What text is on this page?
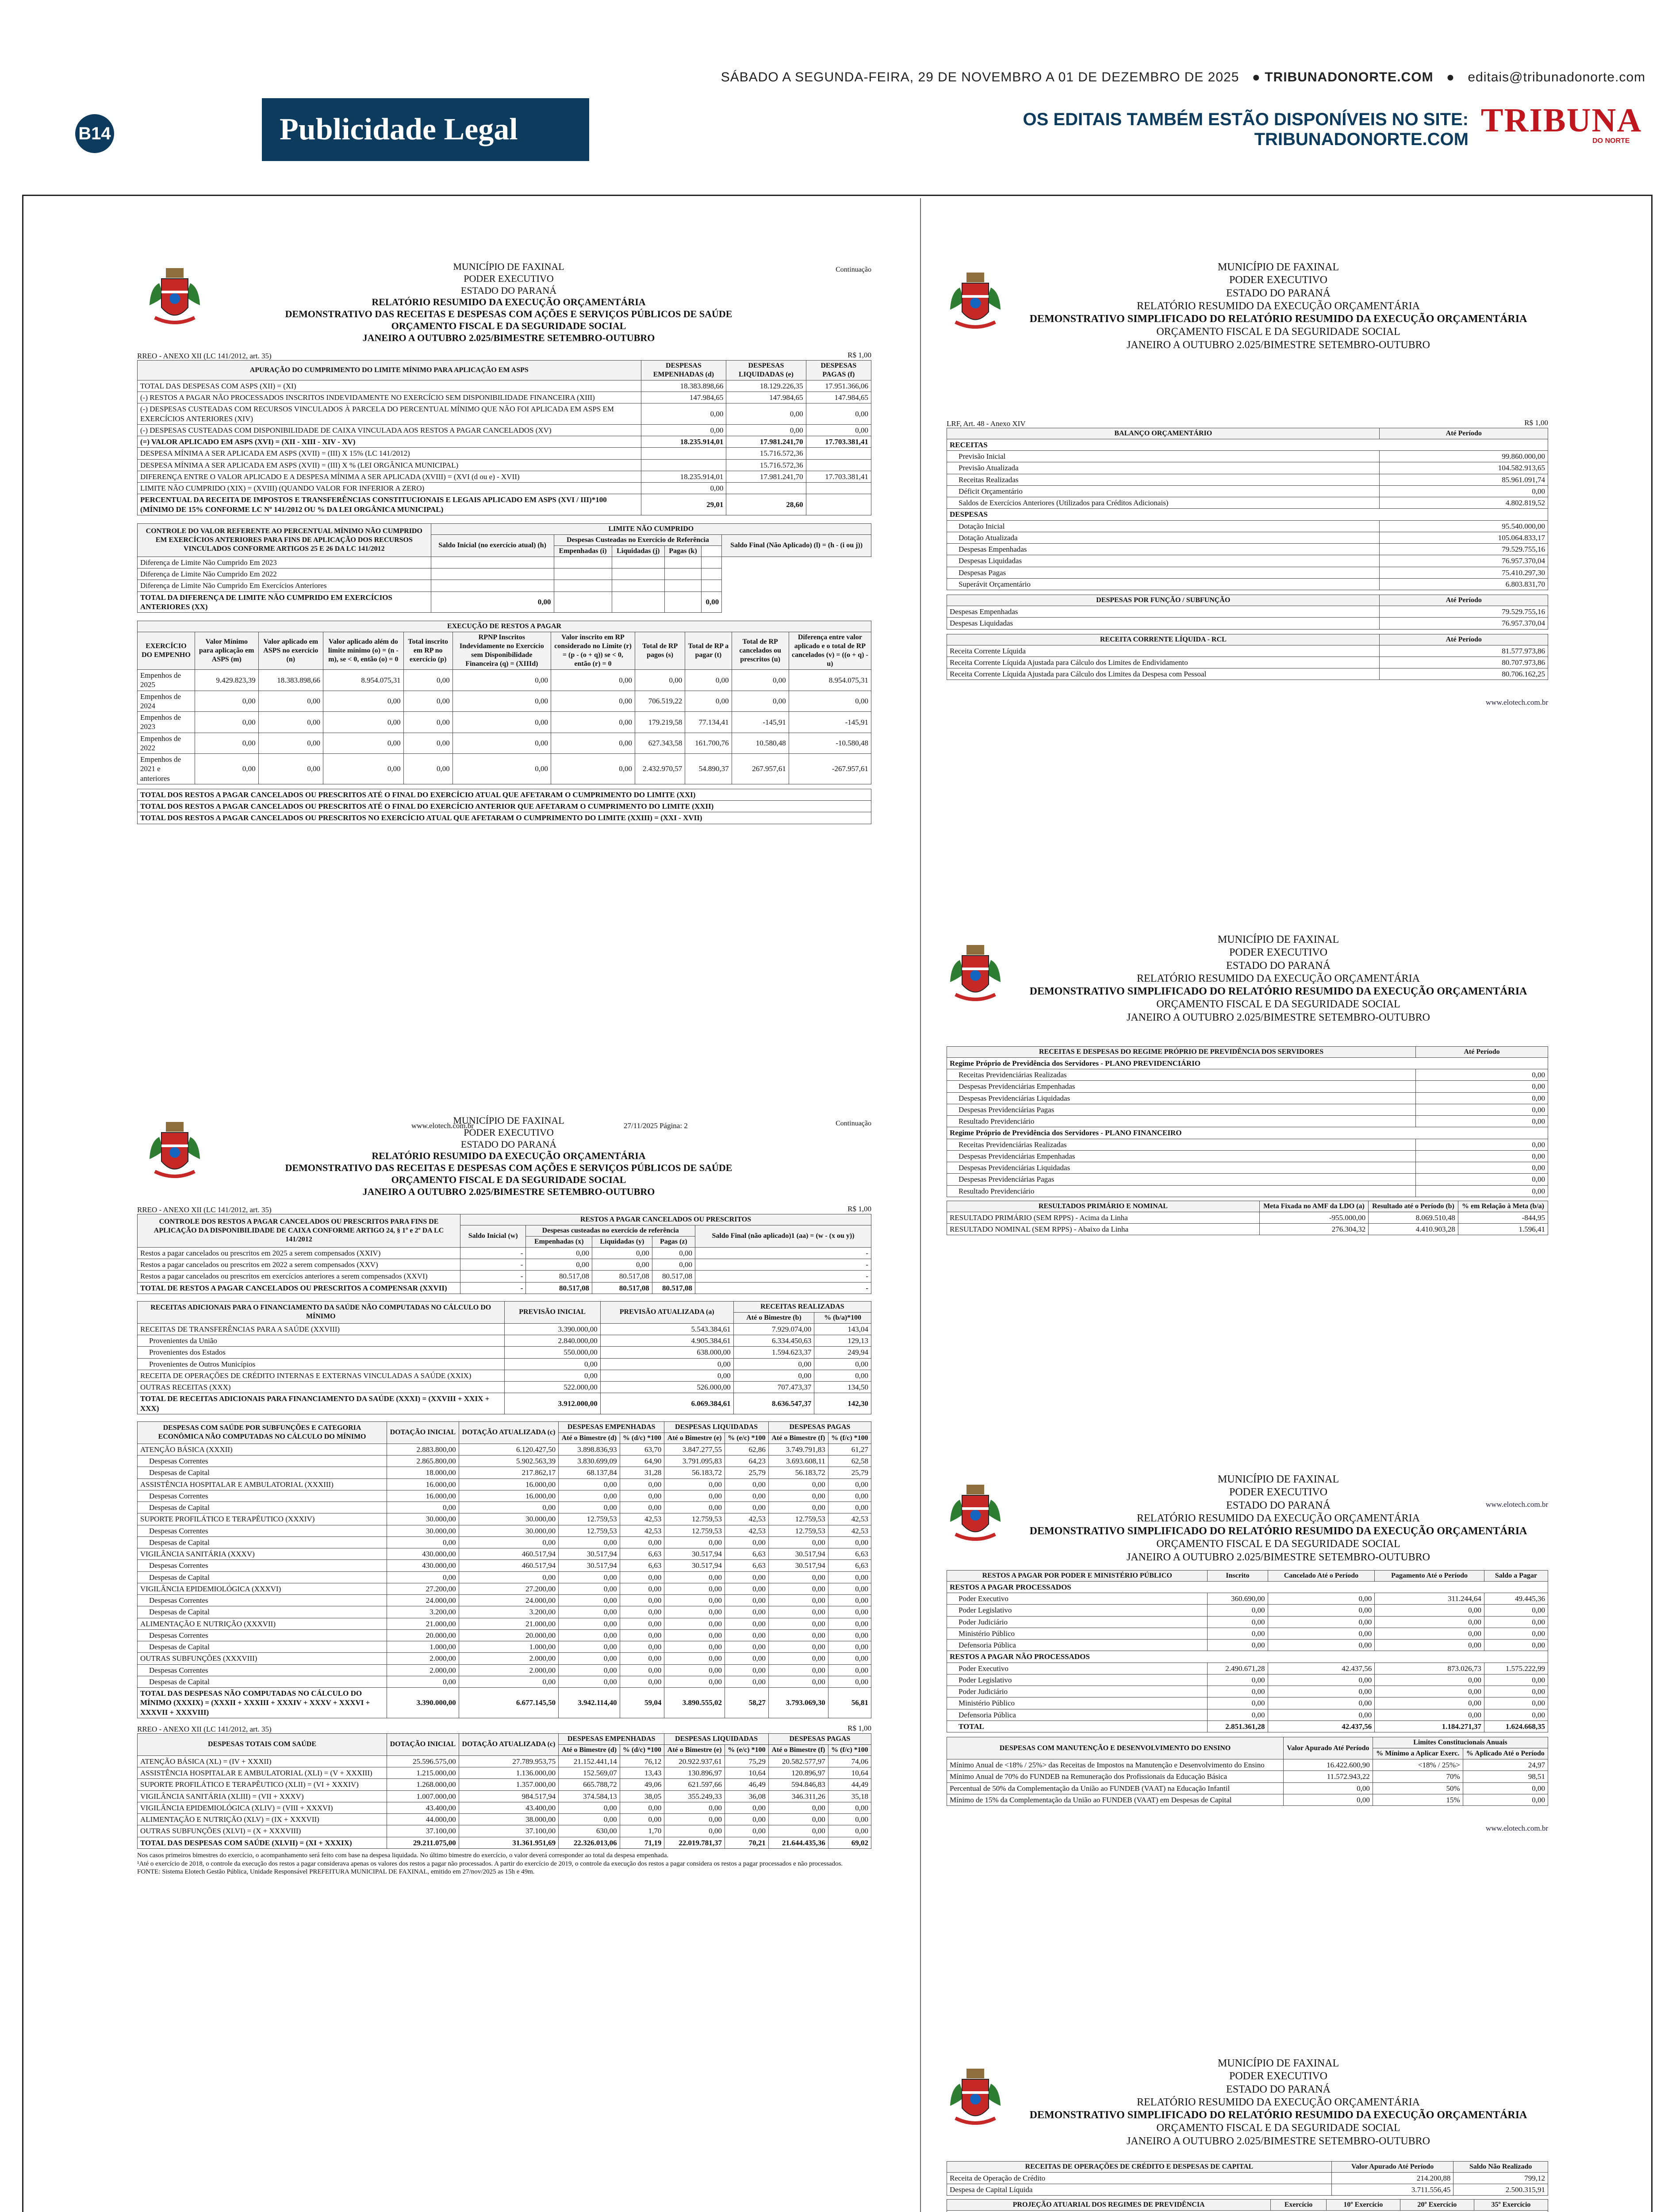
SÁBADO A SEGUNDA-FEIRA, 29 DE NOVEMBRO A 01 DE DEZEMBRO DE 2025 ● TRIBUNADONORTE.COM ● editais@tribunadonorte.com
B14	Publicidade Legal	OS EDITAIS TAMBÉM ESTÃO DISPONÍVEIS NO SITE: TRIBUNADONORTE.COM
TRIBUNA
DO NORTE
Continuação
MUNICÍPIO DE FAXINAL
PODER EXECUTIVO
ESTADO DO PARANÁ
RELATÓRIO RESUMIDO DA EXECUÇÃO ORÇAMENTÁRIA
DEMONSTRATIVO DAS RECEITAS E DESPESAS COM AÇÕES E SERVIÇOS PÚBLICOS DE SAÚDE
ORÇAMENTO FISCAL E DA SEGURIDADE SOCIAL
JANEIRO A OUTUBRO 2.025/BIMESTRE SETEMBRO-OUTUBRO
RREO - ANEXO XII (LC 141/2012, art. 35)	R$ 1,00
APURAÇÃO DO CUMPRIMENTO DO LIMITE MÍNIMO PARA APLICAÇÃO EM ASPS	DESPESAS EMPENHADAS (d)	DESPESAS LIQUIDADAS (e)	DESPESAS PAGAS (f)
TOTAL DAS DESPESAS COM ASPS (XII) = (XI)	18.383.898,66	18.129.226,35	17.951.366,06
(-) RESTOS A PAGAR NÃO PROCESSADOS INSCRITOS INDEVIDAMENTE NO EXERCÍCIO SEM DISPONIBILIDADE FINANCEIRA (XIII)	147.984,65	147.984,65	147.984,65
(-) DESPESAS CUSTEADAS COM RECURSOS VINCULADOS À PARCELA DO PERCENTUAL MÍNIMO QUE NÃO FOI APLICADA EM ASPS EM EXERCÍCIOS ANTERIORES (XIV)	0,00	0,00	0,00
(-) DESPESAS CUSTEADAS COM DISPONIBILIDADE DE CAIXA VINCULADA AOS RESTOS A PAGAR CANCELADOS (XV)	0,00	0,00	0,00
(=) VALOR APLICADO EM ASPS (XVI) = (XII - XIII - XIV - XV)	18.235.914,01	17.981.241,70	17.703.381,41
DESPESA MÍNIMA A SER APLICADA EM ASPS (XVII) = (III) X 15% (LC 141/2012)		15.716.572,36	
DESPESA MÍNIMA A SER APLICADA EM ASPS (XVII) = (III) X % (LEI ORGÂNICA MUNICIPAL)		15.716.572,36	
DIFERENÇA ENTRE O VALOR APLICADO E A DESPESA MÍNIMA A SER APLICADA (XVIII) = (XVI (d ou e) - XVII)	18.235.914,01	17.981.241,70	17.703.381,41
LIMITE NÃO CUMPRIDO (XIX) = (XVIII) (QUANDO VALOR FOR INFERIOR A ZERO)	0,00		
PERCENTUAL DA RECEITA DE IMPOSTOS E TRANSFERÊNCIAS CONSTITUCIONAIS E LEGAIS APLICADO EM ASPS (XVI / III)*100 (MÍNIMO DE 15% CONFORME LC Nº 141/2012 OU % DA LEI ORGÂNICA MUNICIPAL)	29,01	28,60	
CONTROLE DO VALOR REFERENTE AO PERCENTUAL MÍNIMO NÃO CUMPRIDO EM EXERCÍCIOS ANTERIORES PARA FINS DE APLICAÇÃO DOS RECURSOS VINCULADOS CONFORME ARTIGOS 25 E 26 DA LC 141/2012	LIMITE NÃO CUMPRIDO					
	Saldo Inicial (no exercício atual) (h)	Despesas Custeadas no Exercício de Referência				Saldo Final (Não Aplicado) (l) = (h - (i ou j))
		Empenhadas (i)	Liquidadas (j)	Pagas (k)		
Diferença de Limite Não Cumprido Em 2023						
Diferença de Limite Não Cumprido Em 2022						
Diferença de Limite Não Cumprido Em Exercícios Anteriores						
TOTAL DA DIFERENÇA DE LIMITE NÃO CUMPRIDO EM EXERCÍCIOS ANTERIORES (XX)	0,00				0,00	
EXECUÇÃO DE RESTOS A PAGAR										
EXERCÍCIO DO EMPENHO	Valor Mínimo para aplicação em ASPS (m)	Valor aplicado em ASPS no exercício (n)	Valor aplicado além do limite mínimo (o) = (n - m), se < 0, então (o) = 0	Total inscrito em RP no exercício (p)	RPNP Inscritos Indevidamente no Exercício sem Disponibilidade Financeira (q) = (XIIId)	Valor inscrito em RP considerado no Limite (r) = (p - (o + q)) se < 0, então (r) = 0	Total de RP pagos (s)	Total de RP a pagar (t)	Total de RP cancelados ou prescritos (u)	Diferença entre valor aplicado e o total de RP cancelados (v) = ((o + q) - u)
Empenhos de 2025	9.429.823,39	18.383.898,66	8.954.075,31	0,00	0,00	0,00	0,00	0,00	0,00	8.954.075,31
Empenhos de 2024	0,00	0,00	0,00	0,00	0,00	0,00	706.519,22	0,00	0,00	0,00
Empenhos de 2023	0,00	0,00	0,00	0,00	0,00	0,00	179.219,58	77.134,41	-145,91	-145,91
Empenhos de 2022	0,00	0,00	0,00	0,00	0,00	0,00	627.343,58	161.700,76	10.580,48	-10.580,48
Empenhos de 2021 e anteriores	0,00	0,00	0,00	0,00	0,00	0,00	2.432.970,57	54.890,37	267.957,61	-267.957,61
TOTAL DOS RESTOS A PAGAR CANCELADOS OU PRESCRITOS ATÉ O FINAL DO EXERCÍCIO ATUAL QUE AFETARAM O CUMPRIMENTO DO LIMITE (XXI)
TOTAL DOS RESTOS A PAGAR CANCELADOS OU PRESCRITOS ATÉ O FINAL DO EXERCÍCIO ANTERIOR QUE AFETARAM O CUMPRIMENTO DO LIMITE (XXII)
TOTAL DOS RESTOS A PAGAR CANCELADOS OU PRESCRITOS NO EXERCÍCIO ATUAL QUE AFETARAM O CUMPRIMENTO DO LIMITE (XXIII) = (XXI - XVII)
Continuação
www.elotech.com.br	27/11/2025 Página: 2
MUNICÍPIO DE FAXINAL
PODER EXECUTIVO
ESTADO DO PARANÁ
RELATÓRIO RESUMIDO DA EXECUÇÃO ORÇAMENTÁRIA
DEMONSTRATIVO DAS RECEITAS E DESPESAS COM AÇÕES E SERVIÇOS PÚBLICOS DE SAÚDE
ORÇAMENTO FISCAL E DA SEGURIDADE SOCIAL
JANEIRO A OUTUBRO 2.025/BIMESTRE SETEMBRO-OUTUBRO
RREO - ANEXO XII (LC 141/2012, art. 35)	R$ 1,00
CONTROLE DOS RESTOS A PAGAR CANCELADOS OU PRESCRITOS PARA FINS DE APLICAÇÃO DA DISPONIBILIDADE DE CAIXA CONFORME ARTIGO 24, § 1º e 2º DA LC 141/2012	RESTOS A PAGAR CANCELADOS OU PRESCRITOS				
	Saldo Inicial (w)	Despesas custeadas no exercício de referência			Saldo Final (não aplicado)1 (aa) = (w - (x ou y))
		Empenhadas (x)	Liquidadas (y)	Pagas (z)	
Restos a pagar cancelados ou prescritos em 2025 a serem compensados (XXIV)	-	0,00	0,00	0,00	-
Restos a pagar cancelados ou prescritos em 2022 a serem compensados (XXV)	-	0,00	0,00	0,00	-
Restos a pagar cancelados ou prescritos em exercícios anteriores a serem compensados (XXVI)	-	80.517,08	80.517,08	80.517,08	-
TOTAL DE RESTOS A PAGAR CANCELADOS OU PRESCRITOS A COMPENSAR (XXVII)	-	80.517,08	80.517,08	80.517,08	-
RECEITAS ADICIONAIS PARA O FINANCIAMENTO DA SAÚDE NÃO COMPUTADAS NO CÁLCULO DO MÍNIMO	PREVISÃO INICIAL	PREVISÃO ATUALIZADA (a)	RECEITAS REALIZADAS	
			Até o Bimestre (b)	% (b/a)*100
RECEITAS DE TRANSFERÊNCIAS PARA A SAÚDE (XXVIII)	3.390.000,00	5.543.384,61	7.929.074,00	143,04
Provenientes da União	2.840.000,00	4.905.384,61	6.334.450,63	129,13
Provenientes dos Estados	550.000,00	638.000,00	1.594.623,37	249,94
Provenientes de Outros Municípios	0,00	0,00	0,00	0,00
RECEITA DE OPERAÇÕES DE CRÉDITO INTERNAS E EXTERNAS VINCULADAS A SAÚDE (XXIX)	0,00	0,00	0,00	0,00
OUTRAS RECEITAS (XXX)	522.000,00	526.000,00	707.473,37	134,50
TOTAL DE RECEITAS ADICIONAIS PARA FINANCIAMENTO DA SAÚDE (XXXI) = (XXVIII + XXIX + XXX)	3.912.000,00	6.069.384,61	8.636.547,37	142,30
DESPESAS COM SAÚDE POR SUBFUNÇÕES E CATEGORIA ECONÔMICA NÃO COMPUTADAS NO CÁLCULO DO MÍNIMO	DOTAÇÃO INICIAL	DOTAÇÃO ATUALIZADA (c)	DESPESAS EMPENHADAS		DESPESAS LIQUIDADAS		DESPESAS PAGAS	
			Até o Bimestre (d)	% (d/c) *100	Até o Bimestre (e)	% (e/c) *100	Até o Bimestre (f)	% (f/c) *100
ATENÇÃO BÁSICA (XXXII)	2.883.800,00	6.120.427,50	3.898.836,93	63,70	3.847.277,55	62,86	3.749.791,83	61,27
Despesas Correntes	2.865.800,00	5.902.563,39	3.830.699,09	64,90	3.791.095,83	64,23	3.693.608,11	62,58
Despesas de Capital	18.000,00	217.862,17	68.137,84	31,28	56.183,72	25,79	56.183,72	25,79
ASSISTÊNCIA HOSPITALAR E AMBULATORIAL (XXXIII)	16.000,00	16.000,00	0,00	0,00	0,00	0,00	0,00	0,00
Despesas Correntes	16.000,00	16.000,00	0,00	0,00	0,00	0,00	0,00	0,00
Despesas de Capital	0,00	0,00	0,00	0,00	0,00	0,00	0,00	0,00
SUPORTE PROFILÁTICO E TERAPÊUTICO (XXXIV)	30.000,00	30.000,00	12.759,53	42,53	12.759,53	42,53	12.759,53	42,53
Despesas Correntes	30.000,00	30.000,00	12.759,53	42,53	12.759,53	42,53	12.759,53	42,53
Despesas de Capital	0,00	0,00	0,00	0,00	0,00	0,00	0,00	0,00
VIGILÂNCIA SANITÁRIA (XXXV)	430.000,00	460.517,94	30.517,94	6,63	30.517,94	6,63	30.517,94	6,63
Despesas Correntes	430.000,00	460.517,94	30.517,94	6,63	30.517,94	6,63	30.517,94	6,63
Despesas de Capital	0,00	0,00	0,00	0,00	0,00	0,00	0,00	0,00
VIGILÂNCIA EPIDEMIOLÓGICA (XXXVI)	27.200,00	27.200,00	0,00	0,00	0,00	0,00	0,00	0,00
Despesas Correntes	24.000,00	24.000,00	0,00	0,00	0,00	0,00	0,00	0,00
Despesas de Capital	3.200,00	3.200,00	0,00	0,00	0,00	0,00	0,00	0,00
ALIMENTAÇÃO E NUTRIÇÃO (XXXVII)	21.000,00	21.000,00	0,00	0,00	0,00	0,00	0,00	0,00
Despesas Correntes	20.000,00	20.000,00	0,00	0,00	0,00	0,00	0,00	0,00
Despesas de Capital	1.000,00	1.000,00	0,00	0,00	0,00	0,00	0,00	0,00
OUTRAS SUBFUNÇÕES (XXXVIII)	2.000,00	2.000,00	0,00	0,00	0,00	0,00	0,00	0,00
Despesas Correntes	2.000,00	2.000,00	0,00	0,00	0,00	0,00	0,00	0,00
Despesas de Capital	0,00	0,00	0,00	0,00	0,00	0,00	0,00	0,00
TOTAL DAS DESPESAS NÃO COMPUTADAS NO CÁLCULO DO MÍNIMO (XXXIX) = (XXXII + XXXIII + XXXIV + XXXV + XXXVI + XXXVII + XXXVIII)	3.390.000,00	6.677.145,50	3.942.114,40	59,04	3.890.555,02	58,27	3.793.069,30	56,81
RREO - ANEXO XII (LC 141/2012, art. 35)	R$ 1,00
DESPESAS TOTAIS COM SAÚDE	DOTAÇÃO INICIAL	DOTAÇÃO ATUALIZADA (c)	DESPESAS EMPENHADAS		DESPESAS LIQUIDADAS		DESPESAS PAGAS	
			Até o Bimestre (d)	% (d/c) *100	Até o Bimestre (e)	% (e/c) *100	Até o Bimestre (f)	% (f/c) *100
ATENÇÃO BÁSICA (XL) = (IV + XXXII)	25.596.575,00	27.789.953,75	21.152.441,14	76,12	20.922.937,61	75,29	20.582.577,97	74,06
ASSISTÊNCIA HOSPITALAR E AMBULATORIAL (XLI) = (V + XXXIII)	1.215.000,00	1.136.000,00	152.569,07	13,43	130.896,97	10,64	120.896,97	10,64
SUPORTE PROFILÁTICO E TERAPÊUTICO (XLII) = (VI + XXXIV)	1.268.000,00	1.357.000,00	665.788,72	49,06	621.597,66	46,49	594.846,83	44,49
VIGILÂNCIA SANITÁRIA (XLIII) = (VII + XXXV)	1.007.000,00	984.517,94	374.584,13	38,05	355.249,33	36,08	346.311,26	35,18
VIGILÂNCIA EPIDEMIOLÓGICA (XLIV) = (VIII + XXXVI)	43.400,00	43.400,00	0,00	0,00	0,00	0,00	0,00	0,00
ALIMENTAÇÃO E NUTRIÇÃO (XLV) = (IX + XXXVII)	44.000,00	38.000,00	0,00	0,00	0,00	0,00	0,00	0,00
OUTRAS SUBFUNÇÕES (XLVI) = (X + XXXVIII)	37.100,00	37.100,00	630,00	1,70	0,00	0,00	0,00	0,00
TOTAL DAS DESPESAS COM SAÚDE (XLVII) = (XI + XXXIX)	29.211.075,00	31.361.951,69	22.326.013,06	71,19	22.019.781,37	70,21	21.644.435,36	69,02
Nos casos primeiros bimestres do exercício, o acompanhamento será feito com base na despesa liquidada. No último bimestre do exercício, o valor deverá corresponder ao total da despesa empenhada.
¹Até o exercício de 2018, o controle da execução dos restos a pagar considerava apenas os valores dos restos a pagar não processados. A partir do exercício de 2019, o controle da execução dos restos a pagar considera os restos a pagar processados e não processados.
FONTE: Sistema Elotech Gestão Pública, Unidade Responsável PREFEITURA MUNICIPAL DE FAXINAL, emitido em 27/nov/2025 as 15h e 49m.

MUNICÍPIO DE FAXINAL
PODER EXECUTIVO
ESTADO DO PARANÁ
RELATÓRIO RESUMIDO DA EXECUÇÃO ORÇAMENTÁRIA
DEMONSTRATIVO SIMPLIFICADO DO RELATÓRIO RESUMIDO DA EXECUÇÃO ORÇAMENTÁRIA
ORÇAMENTO FISCAL E DA SEGURIDADE SOCIAL
JANEIRO A OUTUBRO 2.025/BIMESTRE SETEMBRO-OUTUBRO
LRF, Art. 48 - Anexo XIV	R$ 1,00
BALANÇO ORÇAMENTÁRIO	Até Período
RECEITAS	
Previsão Inicial	99.860.000,00
Previsão Atualizada	104.582.913,65
Receitas Realizadas	85.961.091,74
Déficit Orçamentário	0,00
Saldos de Exercícios Anteriores (Utilizados para Créditos Adicionais)	4.802.819,52
DESPESAS	
Dotação Inicial	95.540.000,00
Dotação Atualizada	105.064.833,17
Despesas Empenhadas	79.529.755,16
Despesas Liquidadas	76.957.370,04
Despesas Pagas	75.410.297,30
Superávit Orçamentário	6.803.831,70
DESPESAS POR FUNÇÃO / SUBFUNÇÃO	Até Período
Despesas Empenhadas	79.529.755,16
Despesas Liquidadas	76.957.370,04
RECEITA CORRENTE LÍQUIDA - RCL	Até Período
Receita Corrente Líquida	81.577.973,86
Receita Corrente Líquida Ajustada para Cálculo dos Limites de Endividamento	80.707.973,86
Receita Corrente Líquida Ajustada para Cálculo dos Limites da Despesa com Pessoal	80.706.162,25
www.elotech.com.br
MUNICÍPIO DE FAXINAL
PODER EXECUTIVO
ESTADO DO PARANÁ
RELATÓRIO RESUMIDO DA EXECUÇÃO ORÇAMENTÁRIA
DEMONSTRATIVO SIMPLIFICADO DO RELATÓRIO RESUMIDO DA EXECUÇÃO ORÇAMENTÁRIA
ORÇAMENTO FISCAL E DA SEGURIDADE SOCIAL
JANEIRO A OUTUBRO 2.025/BIMESTRE SETEMBRO-OUTUBRO
RECEITAS E DESPESAS DO REGIME PRÓPRIO DE PREVIDÊNCIA DOS SERVIDORES	Até Período
Regime Próprio de Previdência dos Servidores - PLANO PREVIDENCIÁRIO	
Receitas Previdenciárias Realizadas	0,00
Despesas Previdenciárias Empenhadas	0,00
Despesas Previdenciárias Liquidadas	0,00
Despesas Previdenciárias Pagas	0,00
Resultado Previdenciário	0,00
Regime Próprio de Previdência dos Servidores - PLANO FINANCEIRO	
Receitas Previdenciárias Realizadas	0,00
Despesas Previdenciárias Empenhadas	0,00
Despesas Previdenciárias Liquidadas	0,00
Despesas Previdenciárias Pagas	0,00
Resultado Previdenciário	0,00
RESULTADOS PRIMÁRIO E NOMINAL	Meta Fixada no AMF da LDO (a)	Resultado até o Período (b)	% em Relação à Meta (b/a)
RESULTADO PRIMÁRIO (SEM RPPS) - Acima da Linha	-955.000,00	8.069.510,48	-844,95
RESULTADO NOMINAL (SEM RPPS) - Abaixo da Linha	276.304,32	4.410.903,28	1.596,41
www.elotech.com.br
MUNICÍPIO DE FAXINAL
PODER EXECUTIVO
ESTADO DO PARANÁ
RELATÓRIO RESUMIDO DA EXECUÇÃO ORÇAMENTÁRIA
DEMONSTRATIVO SIMPLIFICADO DO RELATÓRIO RESUMIDO DA EXECUÇÃO ORÇAMENTÁRIA
ORÇAMENTO FISCAL E DA SEGURIDADE SOCIAL
JANEIRO A OUTUBRO 2.025/BIMESTRE SETEMBRO-OUTUBRO
RESTOS A PAGAR POR PODER E MINISTÉRIO PÚBLICO	Inscrito	Cancelado Até o Período	Pagamento Até o Período	Saldo a Pagar
RESTOS A PAGAR PROCESSADOS				
Poder Executivo	360.690,00	0,00	311.244,64	49.445,36
Poder Legislativo	0,00	0,00	0,00	0,00
Poder Judiciário	0,00	0,00	0,00	0,00
Ministério Público	0,00	0,00	0,00	0,00
Defensoria Pública	0,00	0,00	0,00	0,00
RESTOS A PAGAR NÃO PROCESSADOS				
Poder Executivo	2.490.671,28	42.437,56	873.026,73	1.575.222,99
Poder Legislativo	0,00	0,00	0,00	0,00
Poder Judiciário	0,00	0,00	0,00	0,00
Ministério Público	0,00	0,00	0,00	0,00
Defensoria Pública	0,00	0,00	0,00	0,00
TOTAL	2.851.361,28	42.437,56	1.184.271,37	1.624.668,35
DESPESAS COM MANUTENÇÃO E DESENVOLVIMENTO DO ENSINO	Valor Apurado Até Período	Limites Constitucionais Anuais	
		% Mínimo a Aplicar Exerc.	% Aplicado Até o Período
Mínimo Anual de <18% / 25%> das Receitas de Impostos na Manutenção e Desenvolvimento do Ensino	16.422.600,90	<18% / 25%>	24,97
Mínimo Anual de 70% do FUNDEB na Remuneração dos Profissionais da Educação Básica	11.572.943,22	70%	98,51
Percentual de 50% da Complementação da União ao FUNDEB (VAAT) na Educação Infantil	0,00	50%	0,00
Mínimo de 15% da Complementação da União ao FUNDEB (VAAT) em Despesas de Capital	0,00	15%	0,00
www.elotech.com.br
MUNICÍPIO DE FAXINAL
PODER EXECUTIVO
ESTADO DO PARANÁ
RELATÓRIO RESUMIDO DA EXECUÇÃO ORÇAMENTÁRIA
DEMONSTRATIVO SIMPLIFICADO DO RELATÓRIO RESUMIDO DA EXECUÇÃO ORÇAMENTÁRIA
ORÇAMENTO FISCAL E DA SEGURIDADE SOCIAL
JANEIRO A OUTUBRO 2.025/BIMESTRE SETEMBRO-OUTUBRO
RECEITAS DE OPERAÇÕES DE CRÉDITO E DESPESAS DE CAPITAL	Valor Apurado Até Período	Saldo Não Realizado
Receita de Operação de Crédito	214.200,88	799,12
Despesa de Capital Líquida	3.711.556,45	2.500.315,91
PROJEÇÃO ATUARIAL DOS REGIMES DE PREVIDÊNCIA	Exercício	10º Exercício	20º Exercício	35º Exercício
